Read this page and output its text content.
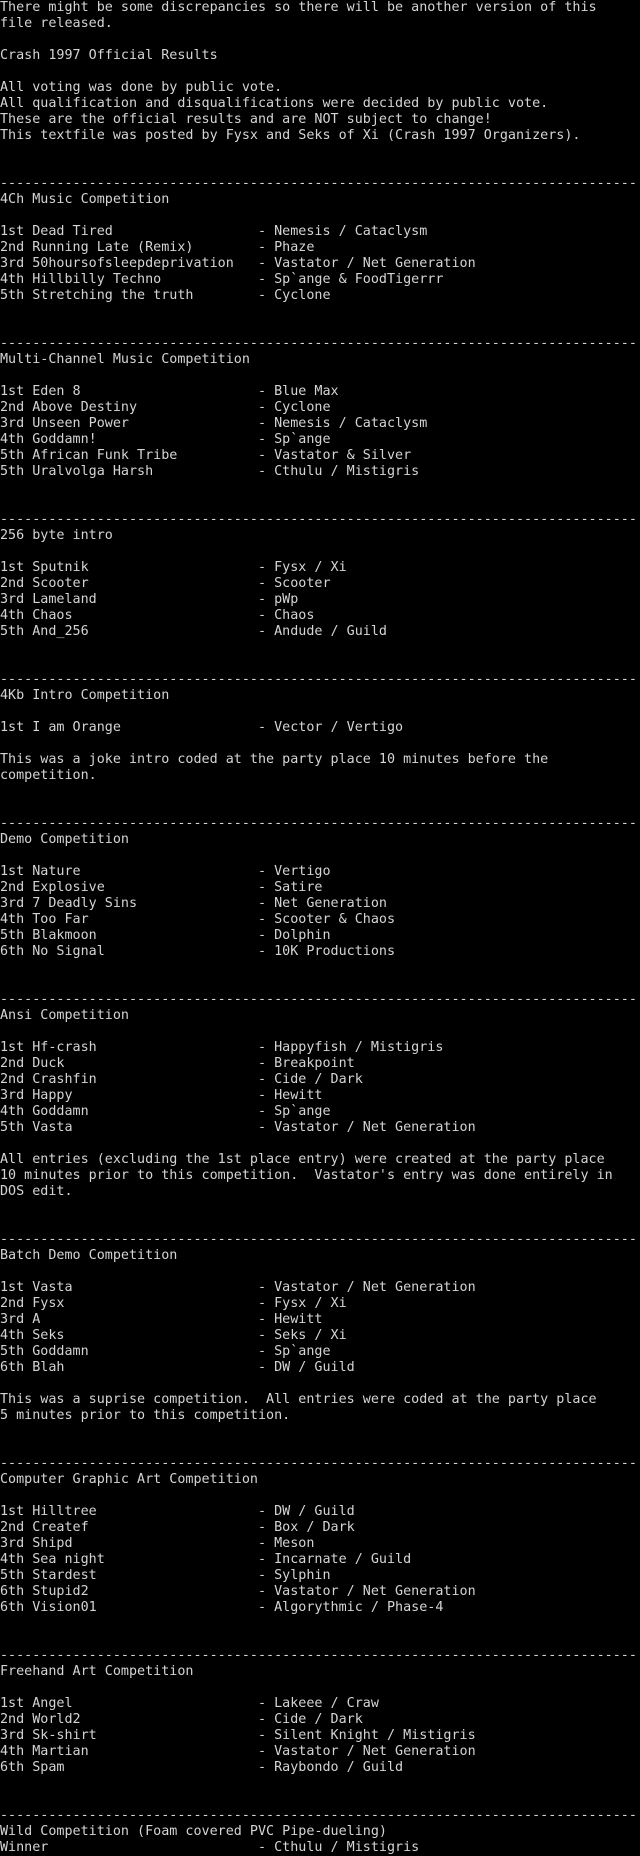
There might be some discrepancies so there will be another version of this
file released.
Crash 1997 Official Results
All voting was done by public vote.
All qualification and disqualifications were decided by public vote.
These are the official results and are NOT subject to change!
This textfile was posted by Fysx and Seks of Xi (Crash 1997 Organizers).
-------------------------------------------------------------------------------
4Ch Music Competition
1st Dead Tired                  - Nemesis / Cataclysm
2nd Running Late (Remix)        - Phaze
3rd 50hoursofsleepdeprivation   - Vastator / Net Generation
4th Hillbilly Techno            - Sp`ange & FoodTigerrr
5th Stretching the truth        - Cyclone
-------------------------------------------------------------------------------
Multi-Channel Music Competition
1st Eden 8                      - Blue Max
2nd Above Destiny               - Cyclone
3rd Unseen Power                - Nemesis / Cataclysm
4th Goddamn!                    - Sp`ange
5th African Funk Tribe          - Vastator & Silver
5th Uralvolga Harsh             - Cthulu / Mistigris
-------------------------------------------------------------------------------
256 byte intro
1st Sputnik                     - Fysx / Xi
2nd Scooter                     - Scooter
3rd Lameland                    - pWp
4th Chaos                       - Chaos
5th And_256                     - Andude / Guild
-------------------------------------------------------------------------------
4Kb Intro Competition
1st I am Orange                 - Vector / Vertigo
This was a joke intro coded at the party place 10 minutes before the
competition.
-------------------------------------------------------------------------------
Demo Competition
1st Nature                      - Vertigo
2nd Explosive                   - Satire
3rd 7 Deadly Sins               - Net Generation
4th Too Far                     - Scooter & Chaos
5th Blakmoon                    - Dolphin
6th No Signal                   - 10K Productions
-------------------------------------------------------------------------------
Ansi Competition
1st Hf-crash                    - Happyfish / Mistigris
2nd Duck                        - Breakpoint
2nd Crashfin                    - Cide / Dark
3rd Happy                       - Hewitt
4th Goddamn                     - Sp`ange
5th Vasta                       - Vastator / Net Generation
All entries (excluding the 1st place entry) were created at the party place
10 minutes prior to this competition.  Vastator's entry was done entirely in
DOS edit.
-------------------------------------------------------------------------------
Batch Demo Competition
1st Vasta                       - Vastator / Net Generation
2nd Fysx                        - Fysx / Xi
3rd A                           - Hewitt
4th Seks                        - Seks / Xi
5th Goddamn                     - Sp`ange
6th Blah                        - DW / Guild
This was a suprise competition.  All entries were coded at the party place
5 minutes prior to this competition.
-------------------------------------------------------------------------------
Computer Graphic Art Competition
1st Hilltree                    - DW / Guild
2nd Createf                     - Box / Dark
3rd Shipd                       - Meson
4th Sea night                   - Incarnate / Guild
5th Stardest                    - Sylphin
6th Stupid2                     - Vastator / Net Generation
6th Vision01                    - Algorythmic / Phase-4
-------------------------------------------------------------------------------
Freehand Art Competition
1st Angel                       - Lakeee / Craw
2nd World2                      - Cide / Dark
3rd Sk-shirt                    - Silent Knight / Mistigris
4th Martian                     - Vastator / Net Generation
6th Spam                        - Raybondo / Guild
-------------------------------------------------------------------------------
Wild Competition (Foam covered PVC Pipe-dueling)
Winner                          - Cthulu / Mistigris
